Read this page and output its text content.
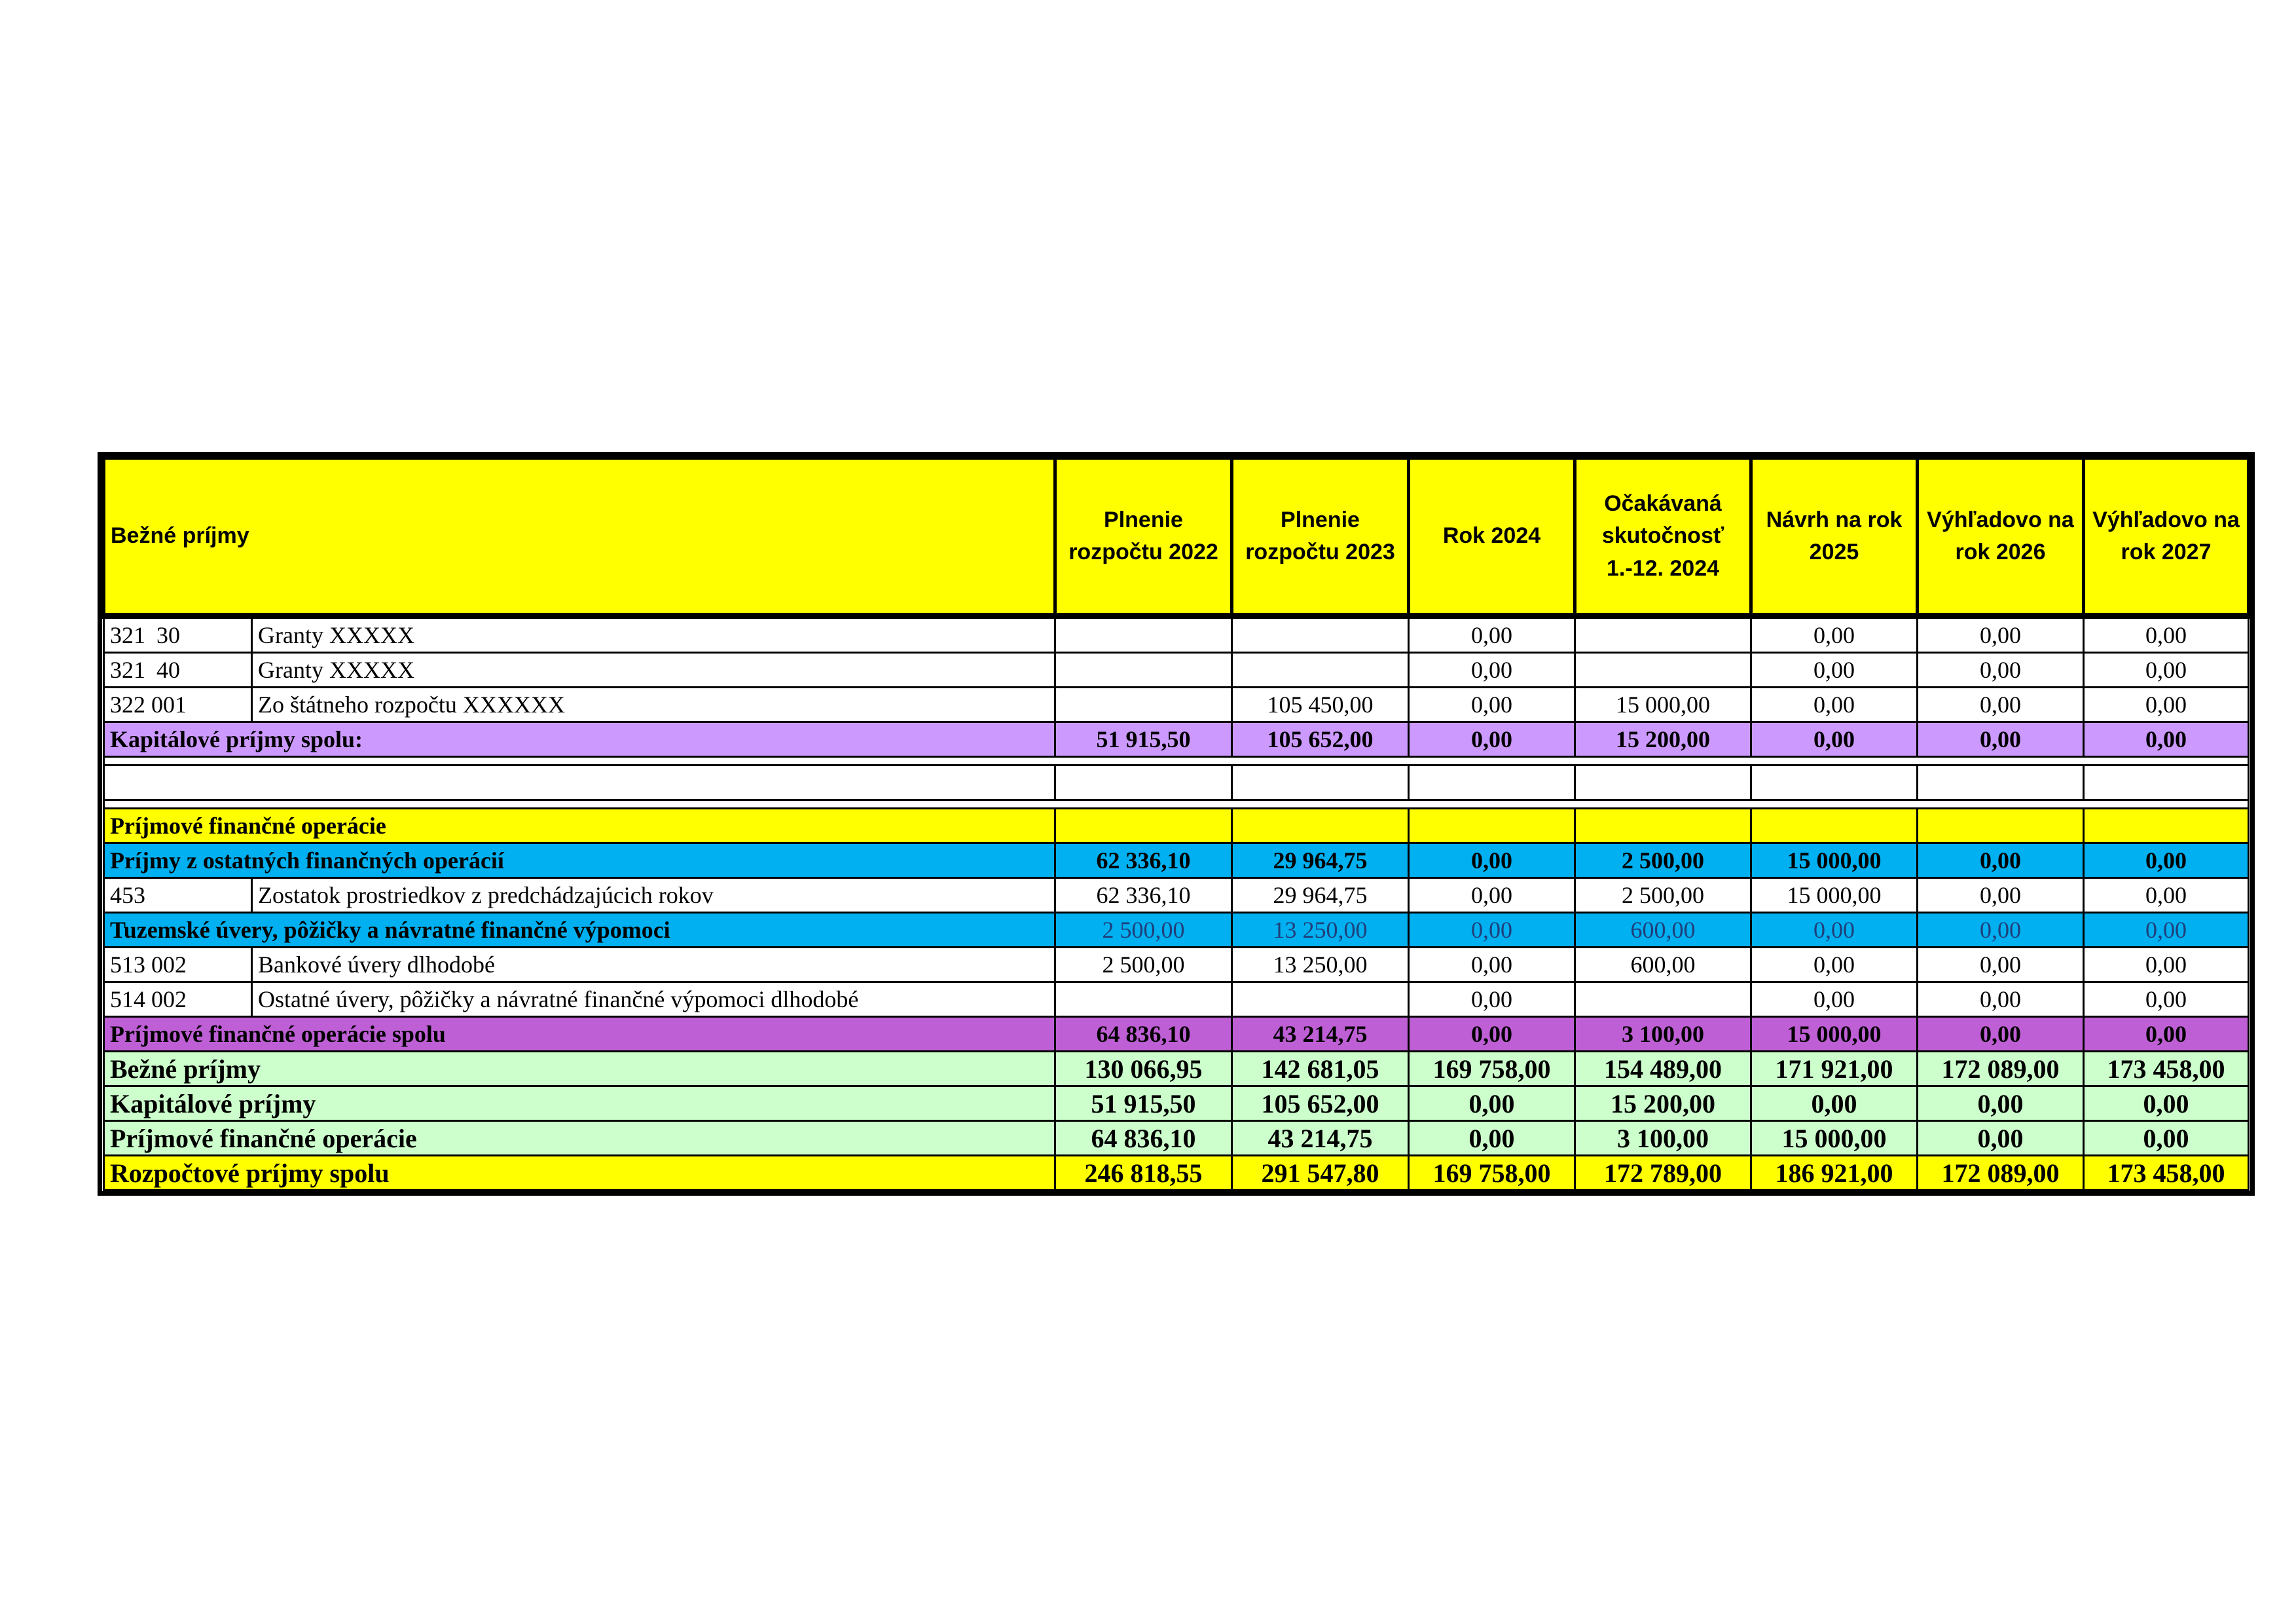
Bežné príjmy		Plnenie rozpočtu 2022	Plnenie rozpočtu 2023	Rok 2024	Očakávaná skutočnosť 1.-12. 2024	Návrh na rok 2025	Výhľadovo na rok 2026	Výhľadovo na rok 2027
321 30	Granty XXXXX			0,00		0,00	0,00	0,00
321 40	Granty XXXXX			0,00		0,00	0,00	0,00
322 001	Zo štátneho rozpočtu XXXXXX		105 450,00	0,00	15 000,00	0,00	0,00	0,00
Kapitálové príjmy spolu:		51 915,50	105 652,00	0,00	15 200,00	0,00	0,00	0,00

Príjmové finančné operácie								
Príjmy z ostatných finančných operácií		62 336,10	29 964,75	0,00	2 500,00	15 000,00	0,00	0,00
453	Zostatok prostriedkov z predchádzajúcich rokov	62 336,10	29 964,75	0,00	2 500,00	15 000,00	0,00	0,00
Tuzemské úvery, pôžičky a návratné finančné výpomoci		2 500,00	13 250,00	0,00	600,00	0,00	0,00	0,00
513 002	Bankové úvery dlhodobé	2 500,00	13 250,00	0,00	600,00	0,00	0,00	0,00
514 002	Ostatné úvery, pôžičky a návratné finančné výpomoci dlhodobé			0,00		0,00	0,00	0,00
Príjmové finančné operácie spolu		64 836,10	43 214,75	0,00	3 100,00	15 000,00	0,00	0,00
Bežné príjmy		130 066,95	142 681,05	169 758,00	154 489,00	171 921,00	172 089,00	173 458,00
Kapitálové príjmy		51 915,50	105 652,00	0,00	15 200,00	0,00	0,00	0,00
Príjmové finančné operácie		64 836,10	43 214,75	0,00	3 100,00	15 000,00	0,00	0,00
Rozpočtové príjmy spolu		246 818,55	291 547,80	169 758,00	172 789,00	186 921,00	172 089,00	173 458,00
